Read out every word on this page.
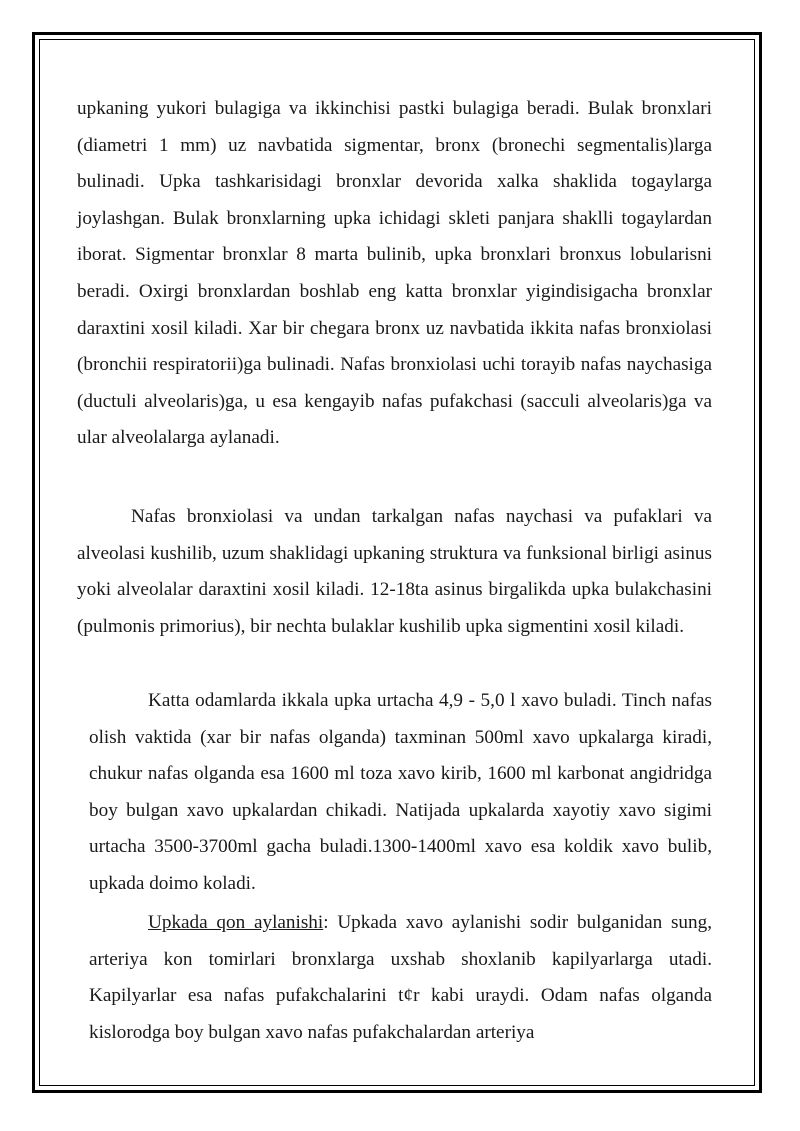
upkaning yukori bulagiga va ikkinchisi pastki bulagiga beradi. Bulak bronxlari (diametri 1 mm) uz navbatida sigmentar, bronx (bronechi segmentalis)larga bulinadi. Upka tashkarisidagi bronxlar devorida xalka shaklida togaylarga joylashgan. Bulak bronxlarning upka ichidagi skleti panjara shaklli togaylardan iborat. Sigmentar bronxlar 8 marta bulinib, upka bronxlari bronxus lobularisni beradi. Oxirgi bronxlardan boshlab eng katta bronxlar yigindisigacha bronxlar daraxtini xosil kiladi. Xar bir chegara bronx uz navbatida ikkita nafas bronxiolasi (bronchii respiratorii)ga bulinadi. Nafas bronxiolasi uchi torayib nafas naychasiga (ductuli alveolaris)ga, u esa kengayib nafas pufakchasi (sacculi alveolaris)ga va ular alveolalarga aylanadi.

Nafas bronxiolasi va undan tarkalgan nafas naychasi va pufaklari va alveolasi kushilib, uzum shaklidagi upkaning struktura va funksional birligi asinus yoki alveolalar daraxtini xosil kiladi. 12-18ta asinus birgalikda upka bulakchasini (pulmonis primorius), bir nechta bulaklar kushilib upka sigmentini xosil kiladi.

Katta odamlarda ikkala upka urtacha 4,9 - 5,0 l xavo buladi. Tinch nafas olish vaktida (xar bir nafas olganda) taxminan 500ml xavo upkalarga kiradi, chukur nafas olganda esa 1600 ml toza xavo kirib, 1600 ml karbonat angidridga boy bulgan xavo upkalardan chikadi. Natijada upkalarda xayotiy xavo sigimi urtacha 3500-3700ml gacha buladi.1300-1400ml xavo esa koldik xavo bulib, upkada doimo koladi.

Upkada qon aylanishi: Upkada xavo aylanishi sodir bulganidan sung, arteriya kon tomirlari bronxlarga uxshab shoxlanib kapilyarlarga utadi. Kapilyarlar esa nafas pufakchalarini t¢r kabi uraydi. Odam nafas olganda kislorodga boy bulgan xavo nafas pufakchalardan arteriya
